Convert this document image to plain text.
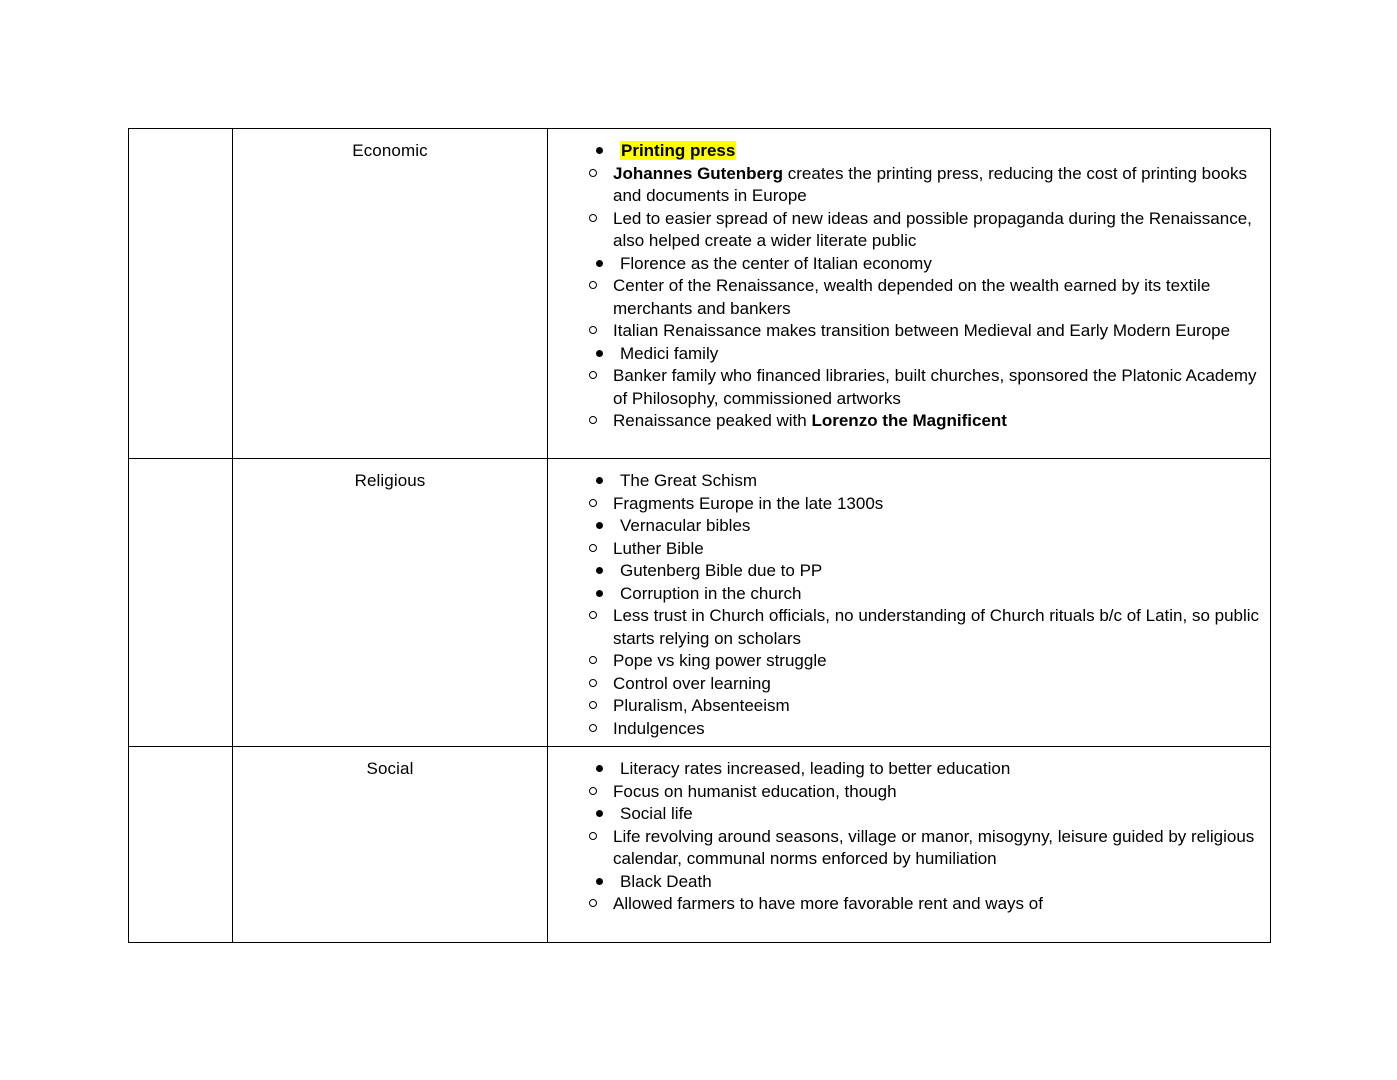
Economic	Printing press
Johannes Gutenberg creates the printing press, reducing the cost of printing books and documents in Europe
Led to easier spread of new ideas and possible propaganda during the Renaissance, also helped create a wider literate public
Florence as the center of Italian economy
Center of the Renaissance, wealth depended on the wealth earned by its textile merchants and bankers
Italian Renaissance makes transition between Medieval and Early Modern Europe
Medici family
Banker family who financed libraries, built churches, sponsored the Platonic Academy of Philosophy, commissioned artworks
Renaissance peaked with Lorenzo the Magnificent

Religious	The Great Schism
Fragments Europe in the late 1300s
Vernacular bibles
Luther Bible
Gutenberg Bible due to PP
Corruption in the church
Less trust in Church officials, no understanding of Church rituals b/c of Latin, so public starts relying on scholars
Pope vs king power struggle
Control over learning
Pluralism, Absenteeism
Indulgences

Social	Literacy rates increased, leading to better education
Focus on humanist education, though
Social life
Life revolving around seasons, village or manor, misogyny, leisure guided by religious calendar, communal norms enforced by humiliation
Black Death
Allowed farmers to have more favorable rent and ways of
